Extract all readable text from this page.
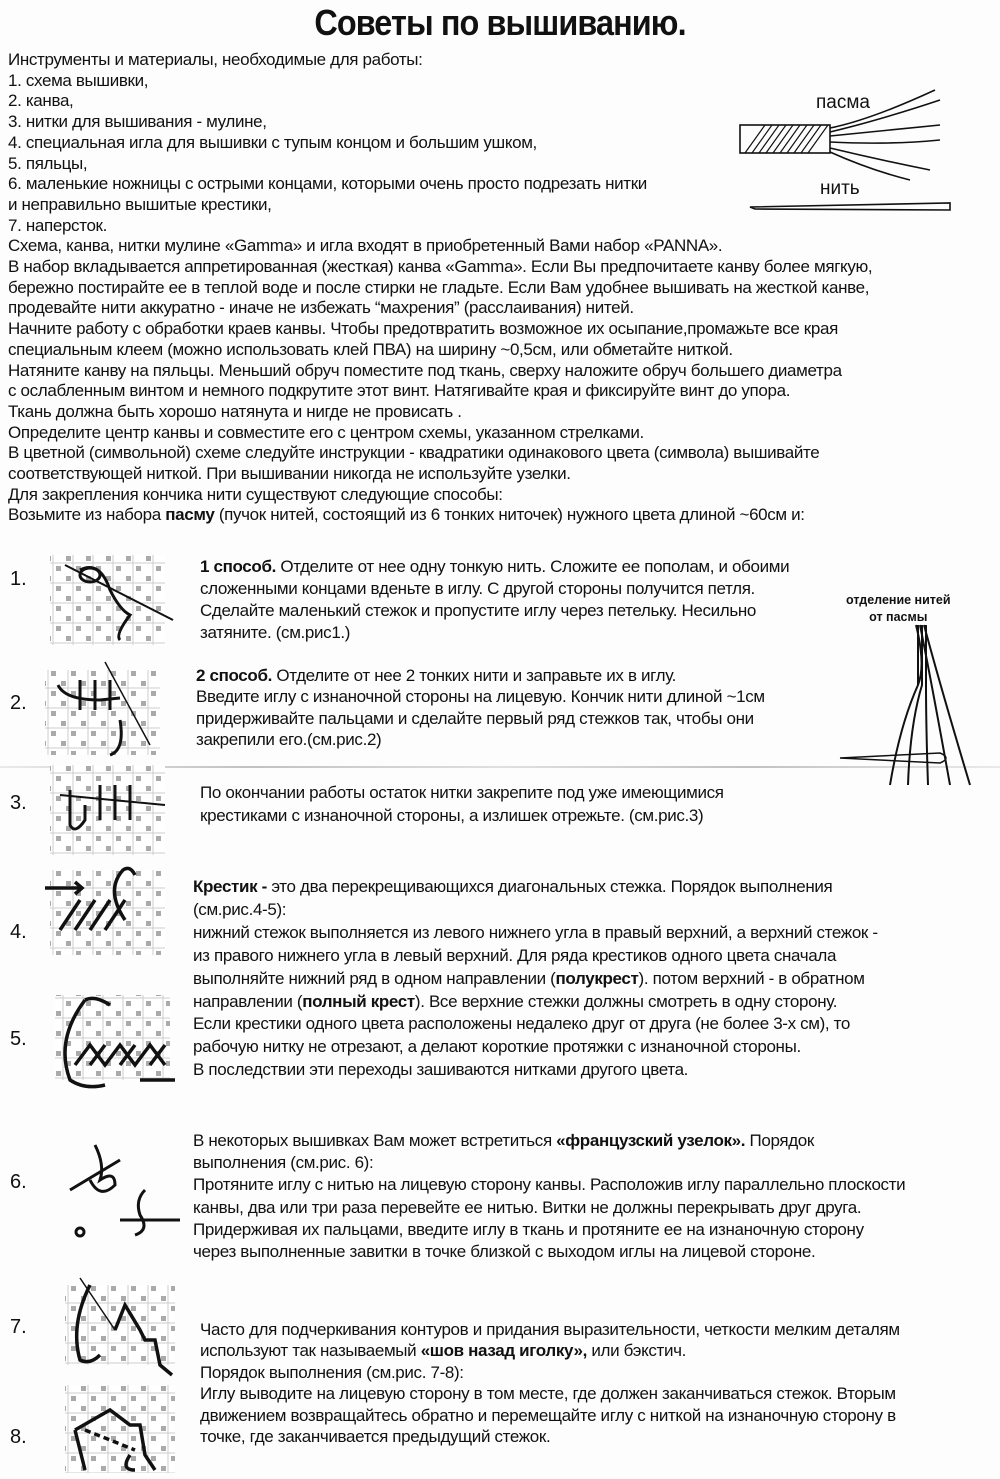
Советы по вышиванию.
Инструменты и материалы, необходимые для работы:
1. схема вышивки,
2. канва,
3. нитки для вышивания - мулине,
4. специальная игла для вышивки с тупым концом и большим ушком,
5. пяльцы,
6. маленькие ножницы с острыми концами, которыми очень просто подрезать нитки
и неправильно вышитые крестики,
7. наперсток.
Схема, канва, нитки мулине «Gamma» и игла входят в приобретенный Вами набор «PANNA».
В набор вкладывается аппретированная (жесткая) канва «Gamma». Если Вы предпочитаете канву более мягкую,
бережно постирайте ее в теплой воде и после стирки не гладьте. Если Вам удобнее вышивать на жесткой канве,
продевайте нити аккуратно - иначе не избежать “махрения” (расслаивания) нитей.
Начните работу с обработки краев канвы. Чтобы предотвратить возможное их осыпание,промажьте все края
специальным клеем (можно использовать клей ПВА) на ширину ~0,5см, или обметайте ниткой.
Натяните канву на пяльцы. Меньший обруч поместите под ткань, сверху наложите обруч большего диаметра
с ослабленным винтом и немного подкрутите этот винт. Натягивайте края и фиксируйте винт до упора.
Ткань должна быть хорошо натянута и нигде не провисать .
Определите центр канвы и совместите его с центром схемы, указанном стрелками.
В цветной (символьной) схеме следуйте инструкции - квадратики одинакового цвета (символа) вышивайте
соответствующей ниткой. При вышивании никогда не используйте узелки.
Для закрепления кончика нити существуют следующие способы:
Возьмите из набора пасму (пучок нитей, состоящий из 6 тонких ниточек) нужного цвета длиной ~60см и:
1 способ. Отделите от нее одну тонкую нить. Сложите ее пополам, и обоими
сложенными концами вденьте в иглу. С другой стороны получится петля.
Сделайте маленький стежок и пропустите иглу через петельку. Несильно
затяните. (см.рис1.)
2 способ. Отделите от нее 2 тонких нити и заправьте их в иглу.
Введите иглу с изнаночной стороны на лицевую. Кончик нити длиной ~1см
придерживайте пальцами и сделайте первый ряд стежков так, чтобы они
закрепили его.(см.рис.2)
По окончании работы остаток нитки закрепите под уже имеющимися
крестиками с изнаночной стороны, а излишек отрежьте. (см.рис.3)
Крестик - это два перекрещивающихся диагональных стежка. Порядок выполнения
(см.рис.4-5):
нижний стежок выполняется из левого нижнего угла в правый верхний, а верхний стежок -
из правого нижнего угла в левый верхний. Для ряда крестиков одного цвета сначала
выполняйте нижний ряд в одном направлении (полукрест). потом верхний - в обратном
направлении (полный крест). Все верхние стежки должны смотреть в одну сторону.
Если крестики одного цвета расположены недалеко друг от друга (не более 3-х см), то
рабочую нитку не отрезают, а делают короткие протяжки с изнаночной стороны.
В последствии эти переходы зашиваются нитками другого цвета.
В некоторых вышивках Вам может встретиться «французский узелок». Порядок
выполнения (см.рис. 6):
Протяните иглу с нитью на лицевую сторону канвы. Расположив иглу параллельно плоскости
канвы, два или три раза перевейте ее нитью. Витки не должны перекрывать друг друга.
Придерживая их пальцами, введите иглу в ткань и протяните ее на изнаночную сторону
через выполненные завитки в точке близкой с выходом иглы на лицевой стороне.
Часто для подчеркивания контуров и придания выразительности, четкости мелким деталям
используют так называемый «шов назад иголку», или бэкстич.
Порядок выполнения (см.рис. 7-8):
Иглу выводите на лицевую сторону в том месте, где должен заканчиваться стежок. Вторым
движением возвращайтесь обратно и перемещайте иглу с ниткой на изнаночную сторону в
точке, где заканчивается предыдущий стежок.
1.
2.
3.
4.
5.
6.
7.
8.
пасма
нить
отделение нитей
от пасмы
